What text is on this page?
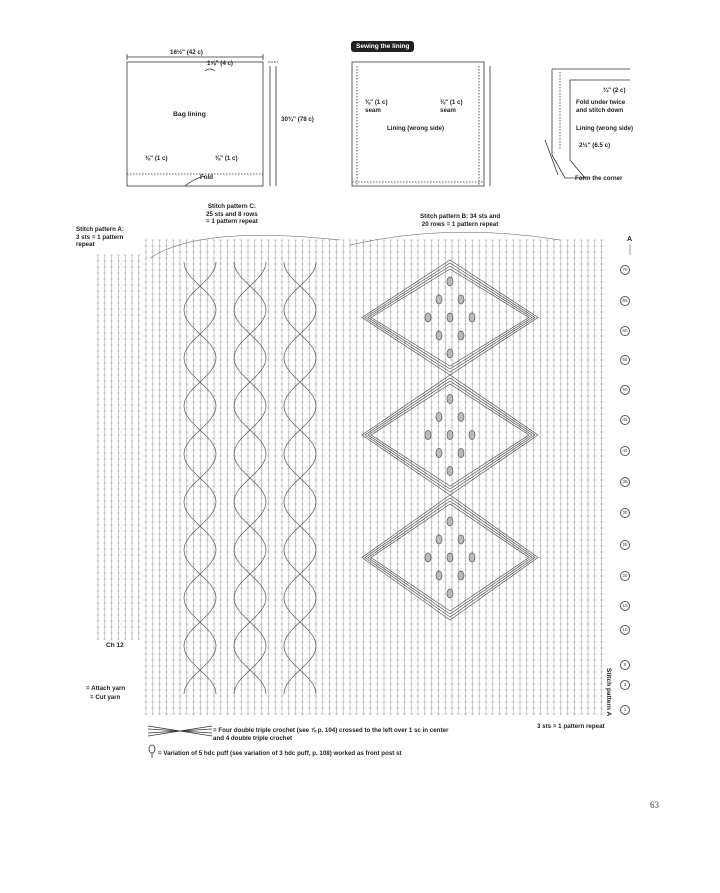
16½" (42 c)
1⅝" (4 c)
30¾" (78 c)
Bag lining
⅜" (1 c)	⅜" (1 c)
Fold
Sewing the lining
⅜" (1 c)
seam
⅜" (1 c)
seam
Lining (wrong side)
¾" (2 c)
Fold under twice
and stitch down
Lining (wrong side)
2½" (6.5 c)
Form the corner
Stitch pattern A:
3 sts = 1 pattern
repeat
Stitch pattern C:
25 sts and 8 rows
= 1 pattern repeat
Stitch pattern B: 34 sts and
20 rows = 1 pattern repeat
A
Ch 12
= Attach yarn
= Cut yarn	Stitch pattern A
3 sts = 1 pattern repeat
70
65
60
55
50
45
40
35
30
25
20
15
10
5
3
1
= Four double triple crochet (see ⅞ p. 104) crossed to the left over 1 sc in center
and 4 double triple crochet
= Variation of 5 hdc puff (see variation of 3 hdc puff, p. 108) worked as front post st
63
